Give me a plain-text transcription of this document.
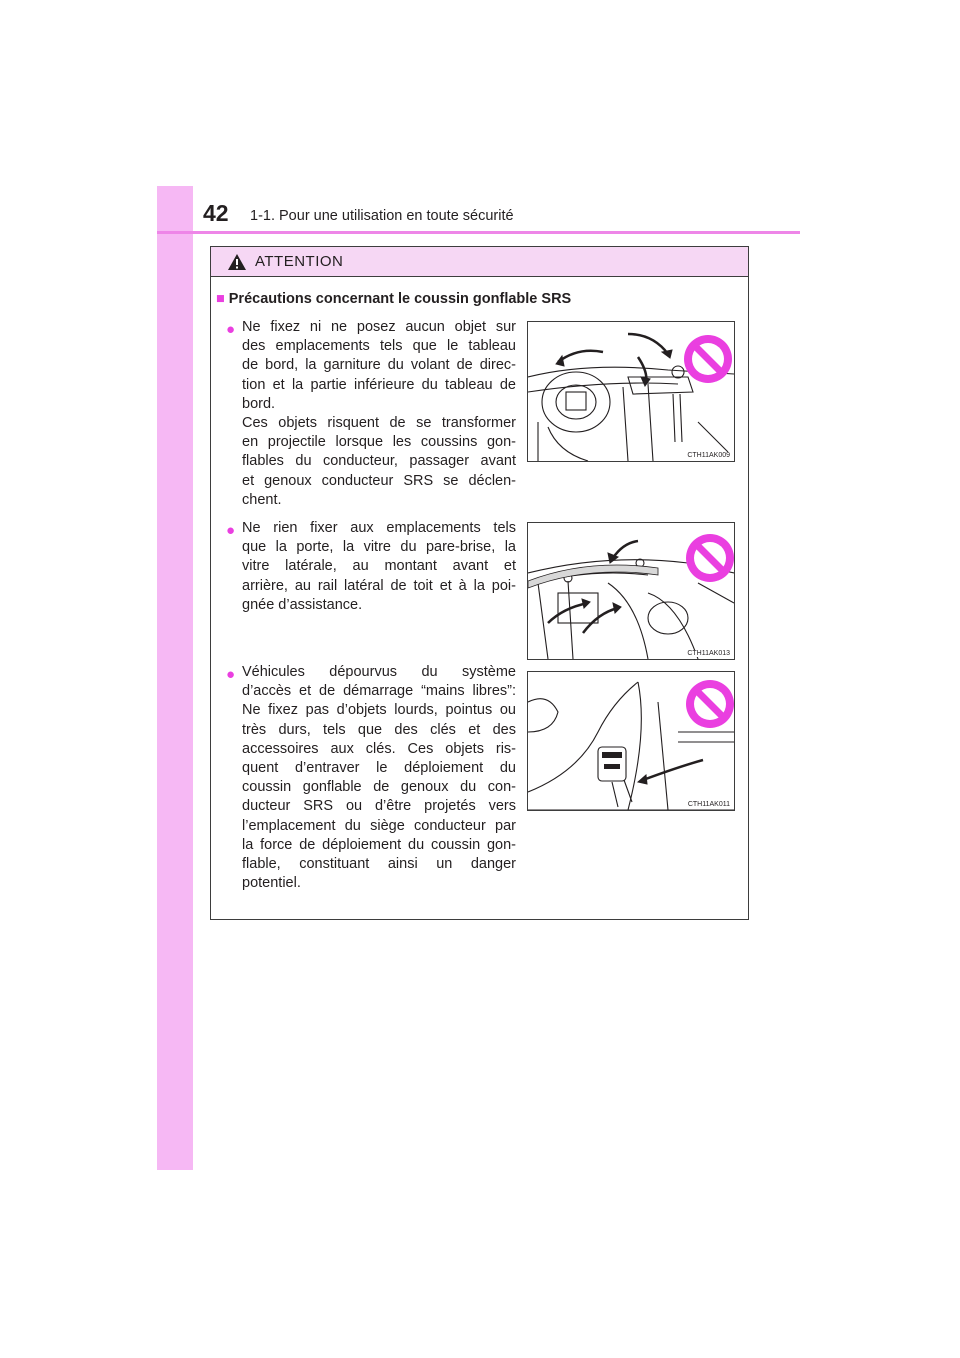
42 1-1. Pour une utilisation en toute sécurité
ATTENTION
■ Précautions concernant le coussin gonflable SRS
● Ne fixez ni ne posez aucun objet sur
des emplacements tels que le tableau
de bord, la garniture du volant de direc-
tion et la partie inférieure du tableau de
bord.
Ces objets risquent de se transformer
en projectile lorsque les coussins gon-
flables du conducteur, passager avant
et genoux conducteur SRS se déclen-
chent.
CTH11AK009
● Ne rien fixer aux emplacements tels
que la porte, la vitre du pare-brise, la
vitre latérale, au montant avant et
arrière, au rail latéral de toit et à la poi-
gnée d’assistance.
CTH11AK013
● Véhicules dépourvus du système
d’accès et de démarrage “mains libres”:
Ne fixez pas d’objets lourds, pointus ou
très durs, tels que des clés et des
accessoires aux clés. Ces objets ris-
quent d’entraver le déploiement du
coussin gonflable de genoux du con-
ducteur SRS ou d’être projetés vers
l’emplacement du siège conducteur par
la force de déploiement du coussin gon-
flable, constituant ainsi un danger
potentiel.
CTH11AK011
